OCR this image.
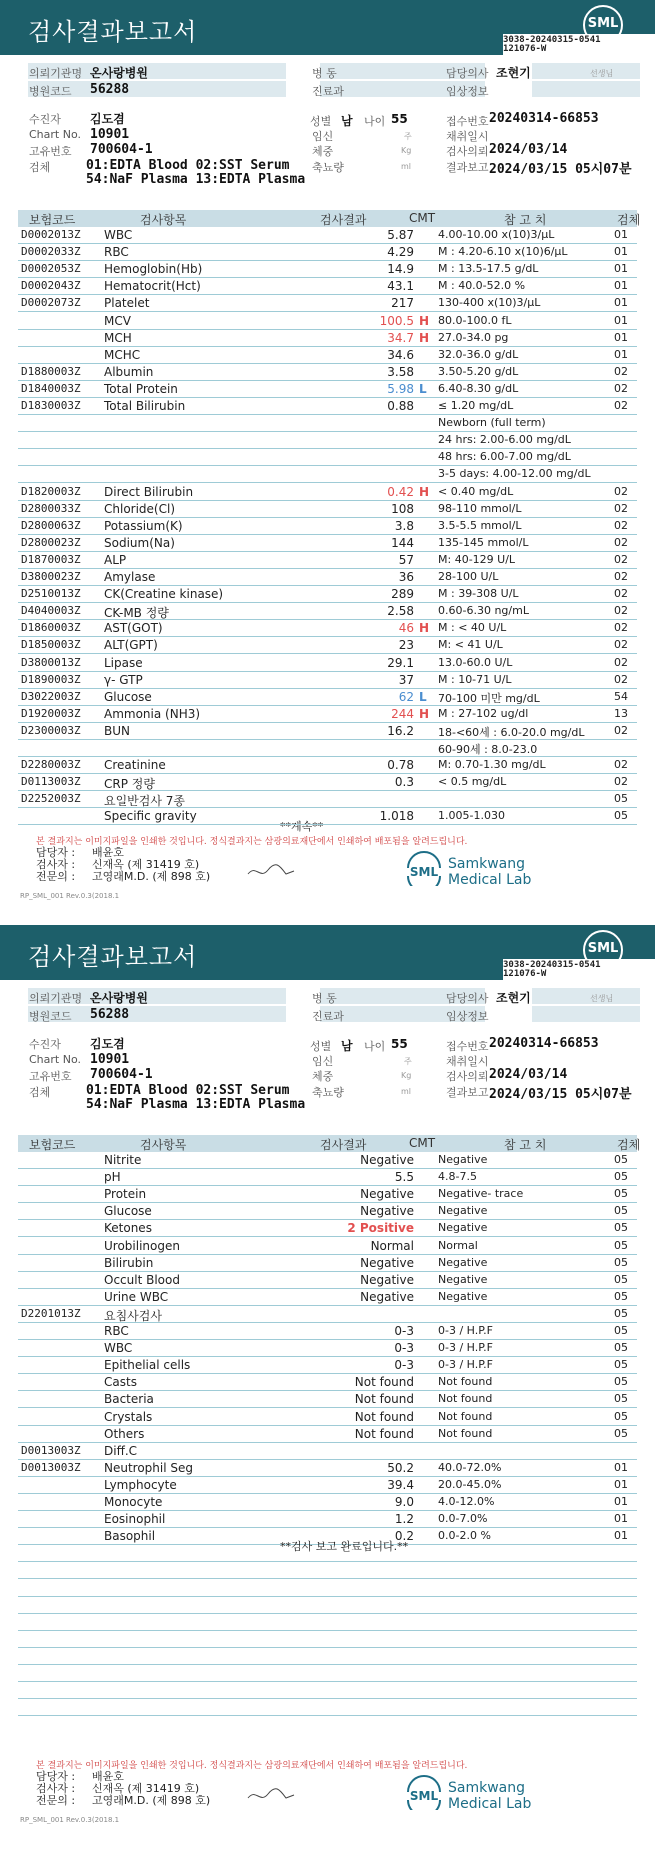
검사결과보고서	SML
3038-20240315-0541
121076-W
보험코드	검사항목	검사결과	CMT	참 고 치	검체
**계속**
의뢰기관명 온사랑병원	병 동	담당의사 조현기	선생님
병원코드 56288	진료과	임상정보
수진자 김도겸	성별 남 나이 55	접수번호 20240314-66853
Chart No. 10901	임신	주	채취일시
고유번호 700604-1	체중	Kg	검사의뢰 2024/03/14
검체	01:EDTA Blood 02:SST Serum
54:NaF Plasma 13:EDTA Plasma
축뇨량	ml	결과보고 2024/03/15 05시07분
D0002013Z WBC	5.87 4.00-10.00 x(10)3/μL	01
D0002033Z RBC	4.29 M : 4.20-6.10 x(10)6/μL	01
D0002053Z Hemoglobin(Hb)	14.9 M : 13.5-17.5 g/dL	01
D0002043Z Hematocrit(Hct)	43.1 M : 40.0-52.0 %	01
D0002073Z Platelet	217 130-400 x(10)3/μL	01
MCV	100.5 H 80.0-100.0 fL	01
MCH	34.7 H 27.0-34.0 pg	01
MCHC	34.6 32.0-36.0 g/dL	01
D1880003Z Albumin	3.58 3.50-5.20 g/dL	02
D1840003Z Total Protein	5.98 L 6.40-8.30 g/dL	02
D1830003Z Total Bilirubin	0.88 ≤ 1.20 mg/dL	02
Newborn (full term)
24 hrs: 2.00-6.00 mg/dL
48 hrs: 6.00-7.00 mg/dL
3-5 days: 4.00-12.00 mg/dL
D1820003Z Direct Bilirubin	0.42 H < 0.40 mg/dL	02
D2800033Z Chloride(Cl)	108 98-110 mmol/L	02
D2800063Z Potassium(K)	3.8 3.5-5.5 mmol/L	02
D2800023Z Sodium(Na)	144 135-145 mmol/L	02
D1870003Z ALP	57 M: 40-129 U/L	02
D3800023Z Amylase	36 28-100 U/L	02
D2510013Z CK(Creatine kinase)	289 M : 39-308 U/L	02
D4040003Z CK-MB 정량	2.58 0.60-6.30 ng/mL	02
D1860003Z AST(GOT)	46 H M : < 40 U/L	02
D1850003Z ALT(GPT)	23 M: < 41 U/L	02
D3800013Z Lipase	29.1 13.0-60.0 U/L	02
D1890003Z γ- GTP	37 M : 10-71 U/L	02
D3022003Z Glucose	62 L 70-100 미만 mg/dL	54
D1920003Z Ammonia (NH3)	244 H M : 27-102 ug/dl	13
D2300003Z BUN	16.2 18-<60세 : 6.0-20.0 mg/dL	02
60-90세 : 8.0-23.0
D2280003Z Creatinine	0.78 M: 0.70-1.30 mg/dL	02
D0113003Z CRP 정량	0.3 < 0.5 mg/dL	02
D2252003Z 요일반검사 7종	05
Specific gravity	1.018 1.005-1.030	05
본 결과지는 이미지파일을 인쇄한 것입니다. 정식결과지는 삼광의료재단에서 인쇄하여 배포됨을 알려드립니다.
담당자 : 배윤호
검사자 : 신재옥 (제 31419 호)
전문의 : 고영래M.D. (제 898 호)	SML Samkwang
Medical Lab
RP_SML_001 Rev.0.3(2018.1
검사결과보고서	SML
3038-20240315-0541
121076-W
보험코드	검사항목	검사결과	CMT	참 고 치	검체
의뢰기관명 온사랑병원	병 동	담당의사 조현기	선생님
병원코드 56288	진료과	임상정보
수진자 김도겸	성별 남 나이 55	접수번호 20240314-66853
Chart No. 10901	임신	주	채취일시
고유번호 700604-1	체중	Kg	검사의뢰 2024/03/14
검체	01:EDTA Blood 02:SST Serum
54:NaF Plasma 13:EDTA Plasma
축뇨량	ml	결과보고 2024/03/15 05시07분
Nitrite	Negative Negative	05
pH	5.5 4.8-7.5	05
Protein	Negative Negative- trace	05
Glucose	Negative Negative	05
Ketones	2 Positive Negative	05
Urobilinogen	Normal Normal	05
Bilirubin	Negative Negative	05
Occult Blood	Negative Negative	05
Urine WBC	Negative Negative	05
D2201013Z 요침사검사	05
RBC	0-3 0-3 / H.P.F	05
WBC	0-3 0-3 / H.P.F	05
Epithelial cells	0-3 0-3 / H.P.F	05
Casts	Not found Not found	05
Bacteria	Not found Not found	05
Crystals	Not found Not found	05
Others	Not found Not found	05
D0013003Z Diff.C
D0013003Z Neutrophil Seg	50.2 40.0-72.0%	01
Lymphocyte	39.4 20.0-45.0%	01
Monocyte	9.0 4.0-12.0%	01
Eosinophil	1.2 0.0-7.0%	01
Basophil	0.2 0.0-2.0 %	01
**검사 보고 완료입니다.**
본 결과지는 이미지파일을 인쇄한 것입니다. 정식결과지는 삼광의료재단에서 인쇄하여 배포됨을 알려드립니다.
담당자 : 배윤호
검사자 : 신재옥 (제 31419 호)
전문의 : 고영래M.D. (제 898 호)	SML Samkwang
Medical Lab
RP_SML_001 Rev.0.3(2018.1
